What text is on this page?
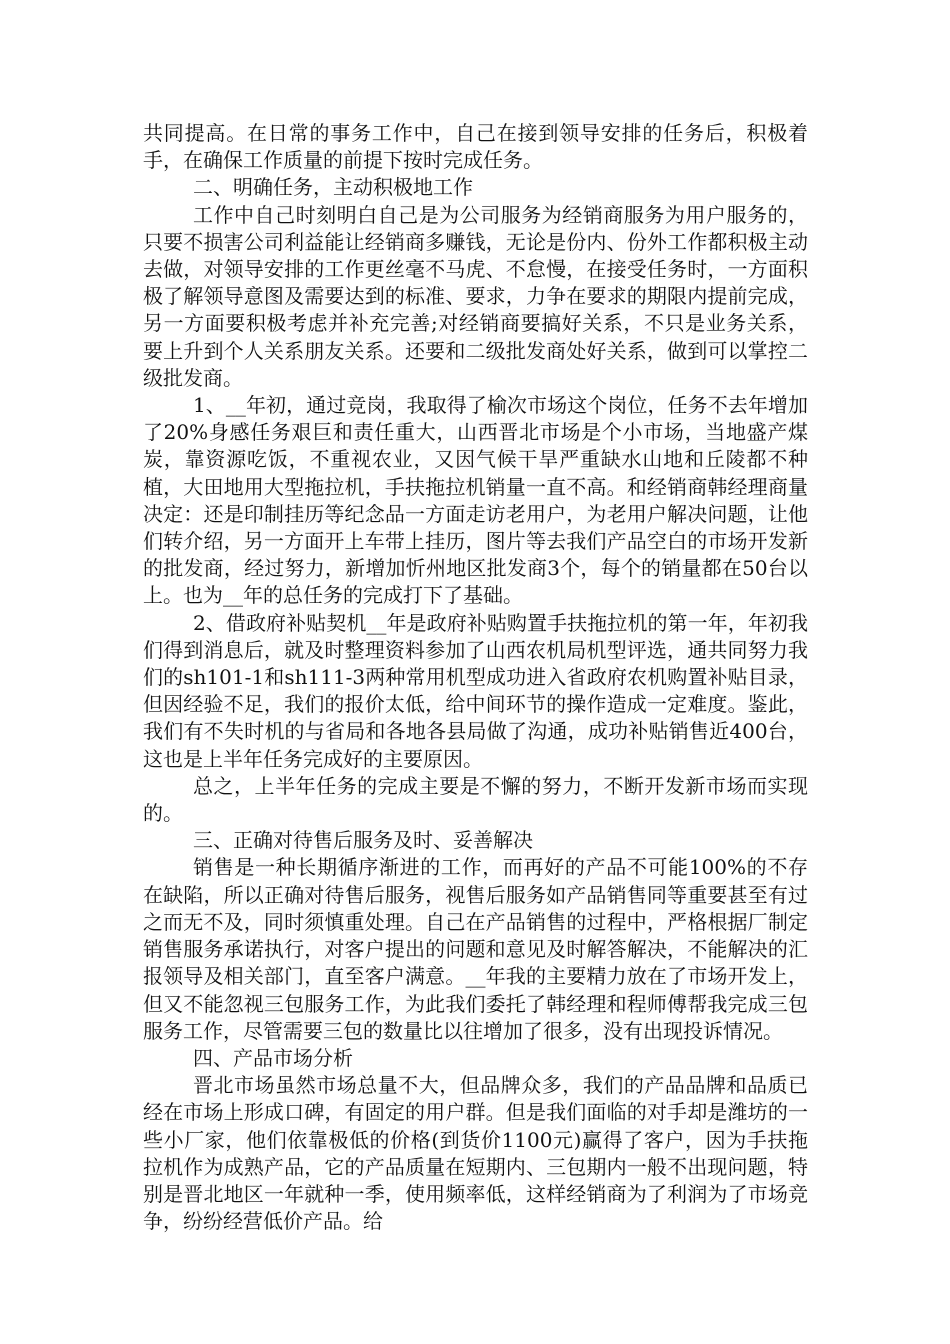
共同提高。在日常的事务工作中，自己在接到领导安排的任务后，积极着手，在确保工作质量的前提下按时完成任务。

二、明确任务，主动积极地工作

工作中自己时刻明白自己是为公司服务为经销商服务为用户服务的，只要不损害公司利益能让经销商多赚钱，无论是份内、份外工作都积极主动去做，对领导安排的工作更丝毫不马虎、不怠慢，在接受任务时，一方面积极了解领导意图及需要达到的标准、要求，力争在要求的期限内提前完成，另一方面要积极考虑并补充完善;对经销商要搞好关系，不只是业务关系，要上升到个人关系朋友关系。还要和二级批发商处好关系，做到可以掌控二级批发商。

1、__年初，通过竞岗，我取得了榆次市场这个岗位，任务不去年增加了20%身感任务艰巨和责任重大，山西晋北市场是个小市场，当地盛产煤炭，靠资源吃饭，不重视农业，又因气候干旱严重缺水山地和丘陵都不种植，大田地用大型拖拉机，手扶拖拉机销量一直不高。和经销商韩经理商量决定：还是印制挂历等纪念品一方面走访老用户，为老用户解决问题，让他们转介绍，另一方面开上车带上挂历，图片等去我们产品空白的市场开发新的批发商，经过努力，新增加忻州地区批发商3个，每个的销量都在50台以上。也为__年的总任务的完成打下了基础。

2、借政府补贴契机__年是政府补贴购置手扶拖拉机的第一年，年初我们得到消息后，就及时整理资料参加了山西农机局机型评选，通共同努力我们的sh101-1和sh111-3两种常用机型成功进入省政府农机购置补贴目录，但因经验不足，我们的报价太低，给中间环节的操作造成一定难度。鉴此，我们有不失时机的与省局和各地各县局做了沟通，成功补贴销售近400台，这也是上半年任务完成好的主要原因。

总之，上半年任务的完成主要是不懈的努力，不断开发新市场而实现的。

三、正确对待售后服务及时、妥善解决

销售是一种长期循序渐进的工作，而再好的产品不可能100%的不存在缺陷，所以正确对待售后服务，视售后服务如产品销售同等重要甚至有过之而无不及，同时须慎重处理。自己在产品销售的过程中，严格根据厂制定销售服务承诺执行，对客户提出的问题和意见及时解答解决，不能解决的汇报领导及相关部门，直至客户满意。__年我的主要精力放在了市场开发上，但又不能忽视三包服务工作，为此我们委托了韩经理和程师傅帮我完成三包服务工作，尽管需要三包的数量比以往增加了很多，没有出现投诉情况。

四、产品市场分析

晋北市场虽然市场总量不大，但品牌众多，我们的产品品牌和品质已经在市场上形成口碑，有固定的用户群。但是我们面临的对手却是潍坊的一些小厂家，他们依靠极低的价格(到货价1100元)赢得了客户，因为手扶拖拉机作为成熟产品，它的产品质量在短期内、三包期内一般不出现问题，特别是晋北地区一年就种一季，使用频率低，这样经销商为了利润为了市场竞争，纷纷经营低价产品。给
